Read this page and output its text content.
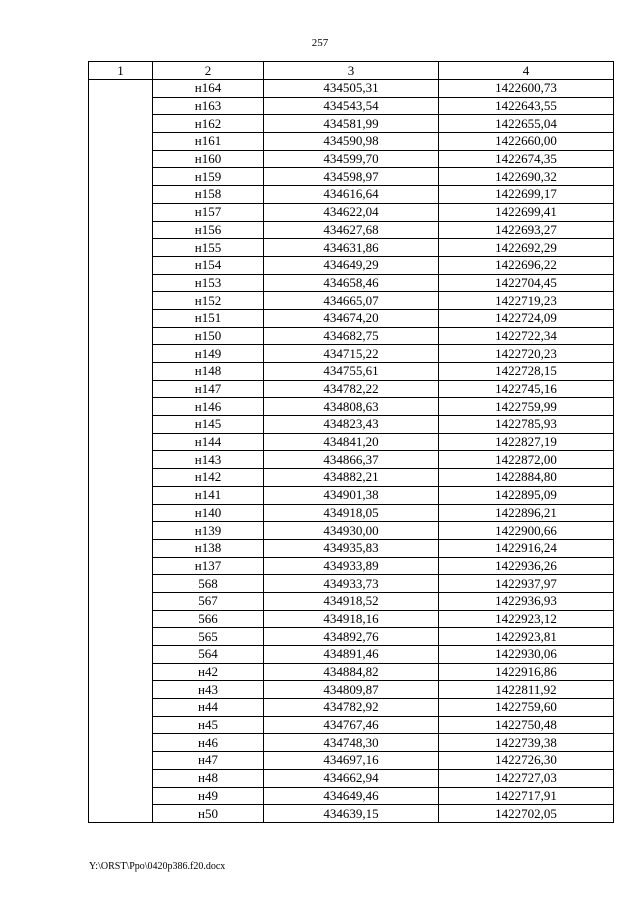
257
1	2	3	4
	н164	434505,31	1422600,73
	н163	434543,54	1422643,55
	н162	434581,99	1422655,04
	н161	434590,98	1422660,00
	н160	434599,70	1422674,35
	н159	434598,97	1422690,32
	н158	434616,64	1422699,17
	н157	434622,04	1422699,41
	н156	434627,68	1422693,27
	н155	434631,86	1422692,29
	н154	434649,29	1422696,22
	н153	434658,46	1422704,45
	н152	434665,07	1422719,23
	н151	434674,20	1422724,09
	н150	434682,75	1422722,34
	н149	434715,22	1422720,23
	н148	434755,61	1422728,15
	н147	434782,22	1422745,16
	н146	434808,63	1422759,99
	н145	434823,43	1422785,93
	н144	434841,20	1422827,19
	н143	434866,37	1422872,00
	н142	434882,21	1422884,80
	н141	434901,38	1422895,09
	н140	434918,05	1422896,21
	н139	434930,00	1422900,66
	н138	434935,83	1422916,24
	н137	434933,89	1422936,26
	568	434933,73	1422937,97
	567	434918,52	1422936,93
	566	434918,16	1422923,12
	565	434892,76	1422923,81
	564	434891,46	1422930,06
	н42	434884,82	1422916,86
	н43	434809,87	1422811,92
	н44	434782,92	1422759,60
	н45	434767,46	1422750,48
	н46	434748,30	1422739,38
	н47	434697,16	1422726,30
	н48	434662,94	1422727,03
	н49	434649,46	1422717,91
	н50	434639,15	1422702,05
Y:\ORST\Ppo\0420p386.f20.docx
